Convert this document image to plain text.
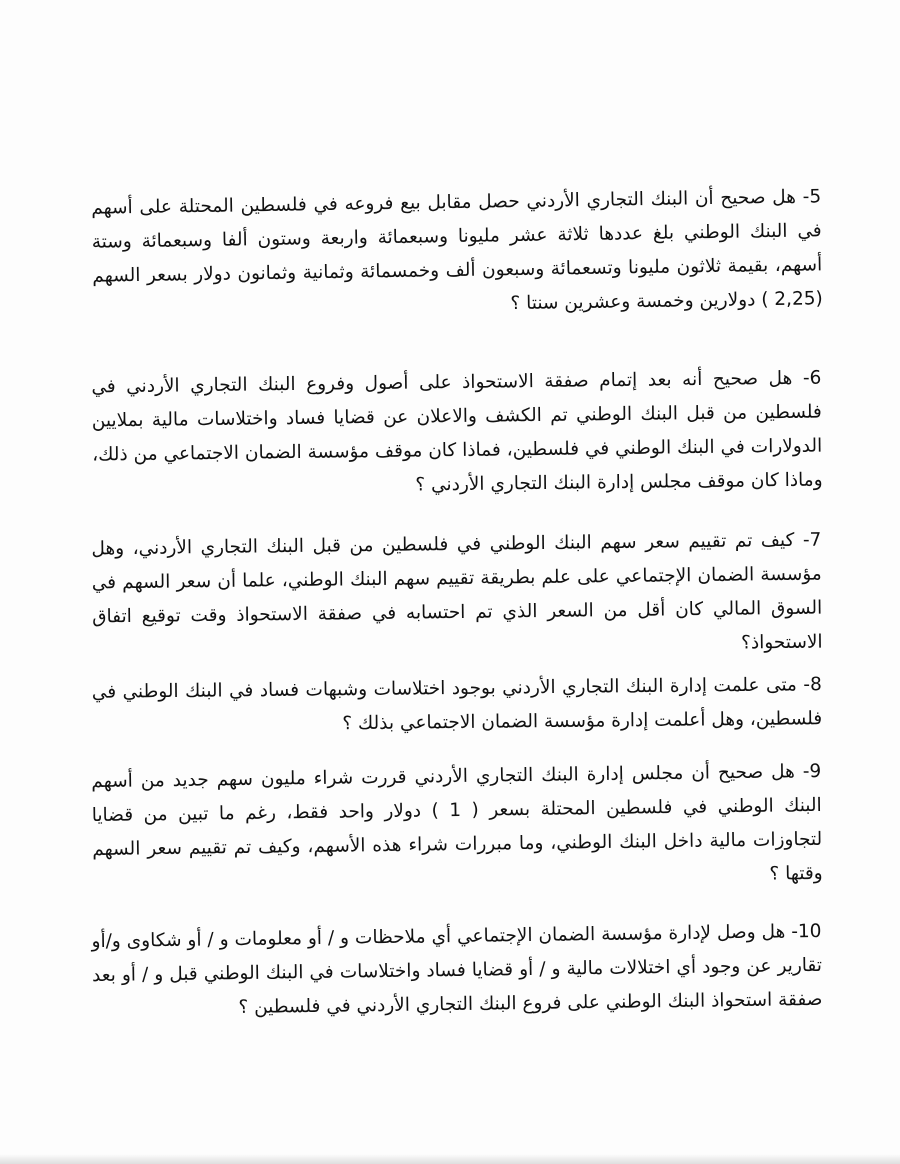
5- هل صحيح أن البنك التجاري الأردني حصل مقابل بيع فروعه في فلسطين المحتلة على أسهم في البنك الوطني بلغ عددها ثلاثة عشر مليونا وسبعمائة واربعة وستون ألفا وسبعمائة وستة أسهم، بقيمة ثلاثون مليونا وتسعمائة وسبعون ألف وخمسمائة وثمانية وثمانون دولار بسعر السهم (2,25 ) دولارين وخمسة وعشرين سنتا ؟

6- هل صحيح أنه بعد إتمام صفقة الاستحواذ على أصول وفروع البنك التجاري الأردني في فلسطين من قبل البنك الوطني تم الكشف والاعلان عن قضايا فساد واختلاسات مالية بملايين الدولارات في البنك الوطني في فلسطين، فماذا كان موقف مؤسسة الضمان الاجتماعي من ذلك، وماذا كان موقف مجلس إدارة البنك التجاري الأردني ؟

7- كيف تم تقييم سعر سهم البنك الوطني في فلسطين من قبل البنك التجاري الأردني، وهل مؤسسة الضمان الإجتماعي على علم بطريقة تقييم سهم البنك الوطني، علما أن سعر السهم في السوق المالي كان أقل من السعر الذي تم احتسابه في صفقة الاستحواذ وقت توقيع اتفاق الاستحواذ؟

8- متى علمت إدارة البنك التجاري الأردني بوجود اختلاسات وشبهات فساد في البنك الوطني في فلسطين، وهل أعلمت إدارة مؤسسة الضمان الاجتماعي بذلك ؟

9- هل صحيح أن مجلس إدارة البنك التجاري الأردني قررت شراء مليون سهم جديد من أسهم البنك الوطني في فلسطين المحتلة بسعر ( 1 ) دولار واحد فقط، رغم ما تبين من قضايا لتجاوزات مالية داخل البنك الوطني، وما مبررات شراء هذه الأسهم، وكيف تم تقييم سعر السهم وقتها ؟

10- هل وصل لإدارة مؤسسة الضمان الإجتماعي أي ملاحظات و / أو معلومات و / أو شكاوى و/أو تقارير عن وجود أي اختلالات مالية و / أو قضايا فساد واختلاسات في البنك الوطني قبل و / أو بعد صفقة استحواذ البنك الوطني على فروع البنك التجاري الأردني في فلسطين ؟
